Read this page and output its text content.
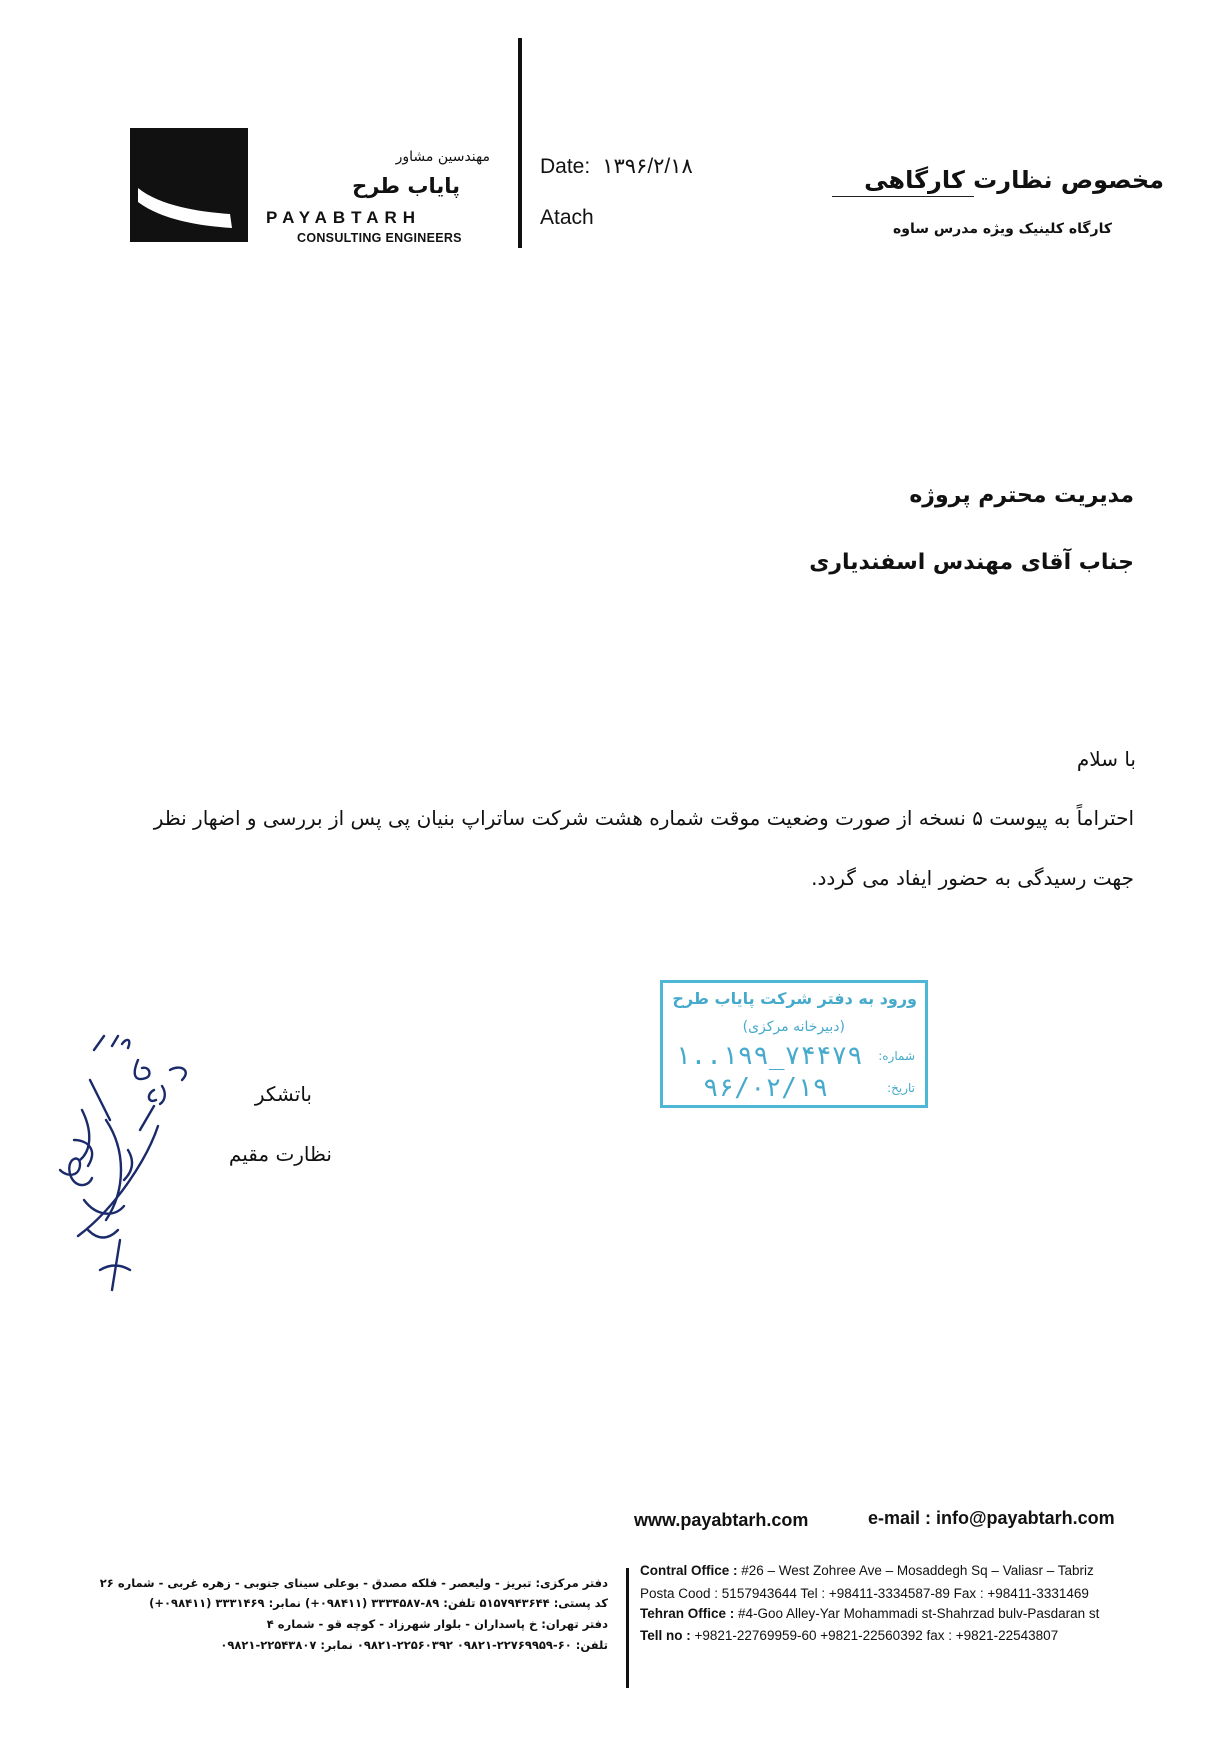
مهندسین مشاور
پایاب طرح
PAYABTARH
CONSULTING ENGINEERS
Date: ۱۳۹۶/۲/۱۸
Atach
مخصوص نظارت کارگاهی
کارگاه کلینیک ویژه مدرس ساوه
مدیریت محترم پروژه
جناب آقای مهندس اسفندیاری
با سلام
احتراماً به پیوست ۵ نسخه از صورت وضعیت موقت شماره هشت شرکت ساتراپ بنیان پی پس از بررسی و اضهار نظر
جهت رسیدگی به حضور ایفاد می گردد.
ورود به دفتر شرکت پایاب طرح
(دبیرخانه مرکزی)
شماره:
۱..۱۹۹_۷۴۴۷۹
تاریخ:
۹۶/۰۲/۱۹
باتشکر
نظارت مقیم
www.payabtarh.com	e-mail : info@payabtarh.com
دفتر مرکزی: تبریز - ولیعصر - فلکه مصدق - بوعلی سینای جنوبی - زهره غربی - شماره ۲۶
کد پستی: ۵۱۵۷۹۴۳۶۴۴ تلفن: ۸۹-۳۳۳۴۵۸۷ (۰۹۸۴۱۱+) نمابر: ۳۳۳۱۴۶۹ (۰۹۸۴۱۱+)
دفتر تهران: خ پاسداران - بلوار شهرزاد - کوچه قو - شماره ۴
تلفن: ۶۰-۲۲۷۶۹۹۵۹-۰۹۸۲۱ ۲۲۵۶۰۳۹۲-۰۹۸۲۱ نمابر: ۲۲۵۴۳۸۰۷-۰۹۸۲۱
Contral Office : #26 – West Zohree Ave – Mosaddegh Sq – Valiasr – Tabriz
Posta Cood : 5157943644 Tel : +98411-3334587-89 Fax : +98411-3331469
Tehran Office : #4-Goo Alley-Yar Mohammadi st-Shahrzad bulv-Pasdaran st
Tell no : +9821-22769959-60 +9821-22560392 fax : +9821-22543807
